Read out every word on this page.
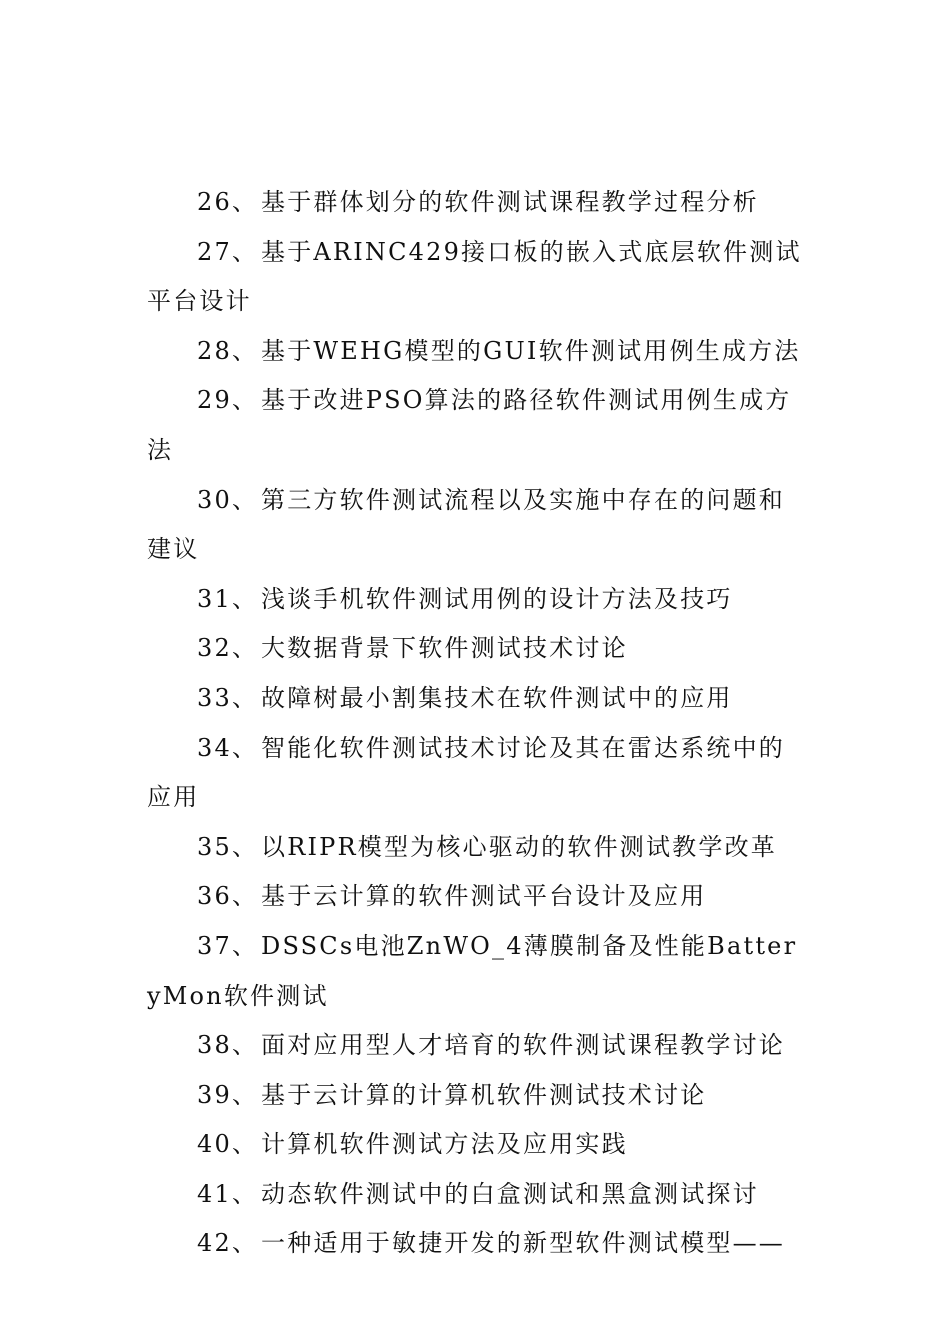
26、 基于群体划分的软件测试课程教学过程分析
27、 基于ARINC429接口板的嵌入式底层软件测试平台设计
28、 基于WEHG模型的GUI软件测试用例生成方法
29、 基于改进PSO算法的路径软件测试用例生成方法
30、 第三方软件测试流程以及实施中存在的问题和建议
31、 浅谈手机软件测试用例的设计方法及技巧
32、 大数据背景下软件测试技术讨论
33、 故障树最小割集技术在软件测试中的应用
34、 智能化软件测试技术讨论及其在雷达系统中的应用
35、 以RIPR模型为核心驱动的软件测试教学改革
36、 基于云计算的软件测试平台设计及应用
37、 DSSCs电池ZnWO_4薄膜制备及性能BatteryMon软件测试
38、 面对应用型人才培育的软件测试课程教学讨论
39、 基于云计算的计算机软件测试技术讨论
40、 计算机软件测试方法及应用实践
41、 动态软件测试中的白盒测试和黑盒测试探讨
42、 一种适用于敏捷开发的新型软件测试模型——
